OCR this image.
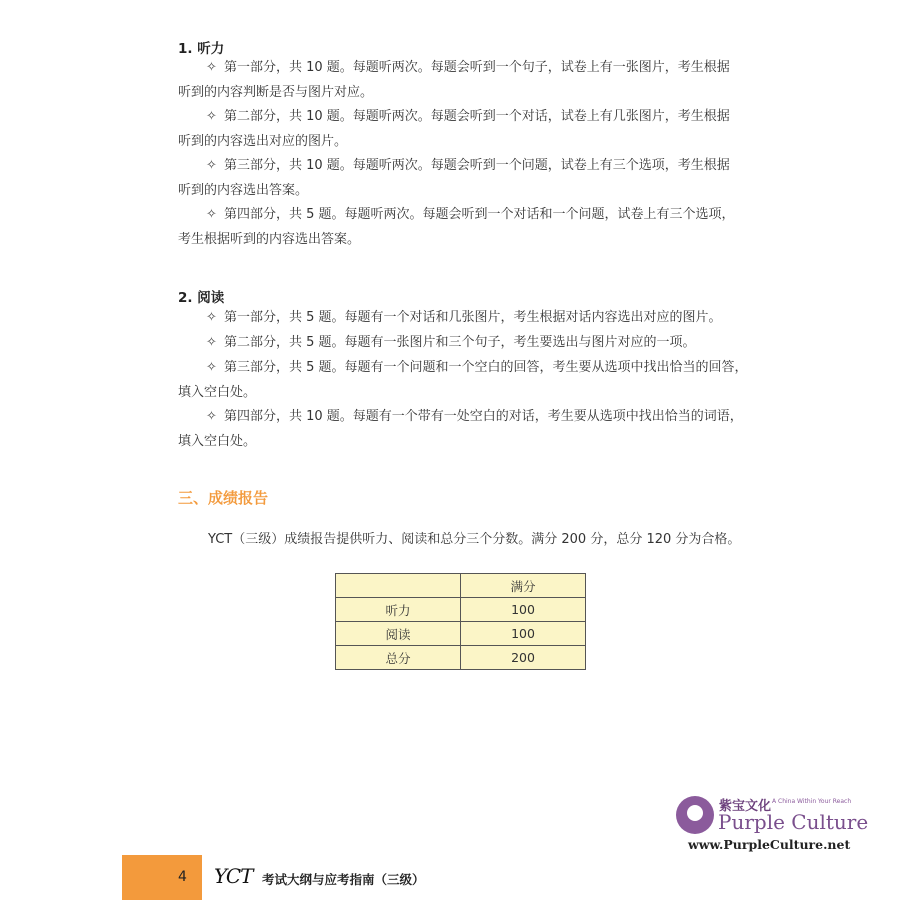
1. 听力
✧ 第一部分，共 10 题。每题听两次。每题会听到一个句子，试卷上有一张图片，考生根据
听到的内容判断是否与图片对应。
✧ 第二部分，共 10 题。每题听两次。每题会听到一个对话，试卷上有几张图片，考生根据
听到的内容选出对应的图片。
✧ 第三部分，共 10 题。每题听两次。每题会听到一个问题，试卷上有三个选项，考生根据
听到的内容选出答案。
✧ 第四部分，共 5 题。每题听两次。每题会听到一个对话和一个问题，试卷上有三个选项，
考生根据听到的内容选出答案。
2. 阅读
✧ 第一部分，共 5 题。每题有一个对话和几张图片，考生根据对话内容选出对应的图片。
✧ 第二部分，共 5 题。每题有一张图片和三个句子，考生要选出与图片对应的一项。
✧ 第三部分，共 5 题。每题有一个问题和一个空白的回答，考生要从选项中找出恰当的回答，
填入空白处。
✧ 第四部分，共 10 题。每题有一个带有一处空白的对话，考生要从选项中找出恰当的词语，
填入空白处。
三、成绩报告
YCT（三级）成绩报告提供听力、阅读和总分三个分数。满分 200 分，总分 120 分为合格。
	满分
听力	100
阅读	100
总分	200
紫宝文化 A China Within Your Reach
Purple Culture
www.PurpleCulture.net
4 YCT 考试大纲与应考指南（三级）
